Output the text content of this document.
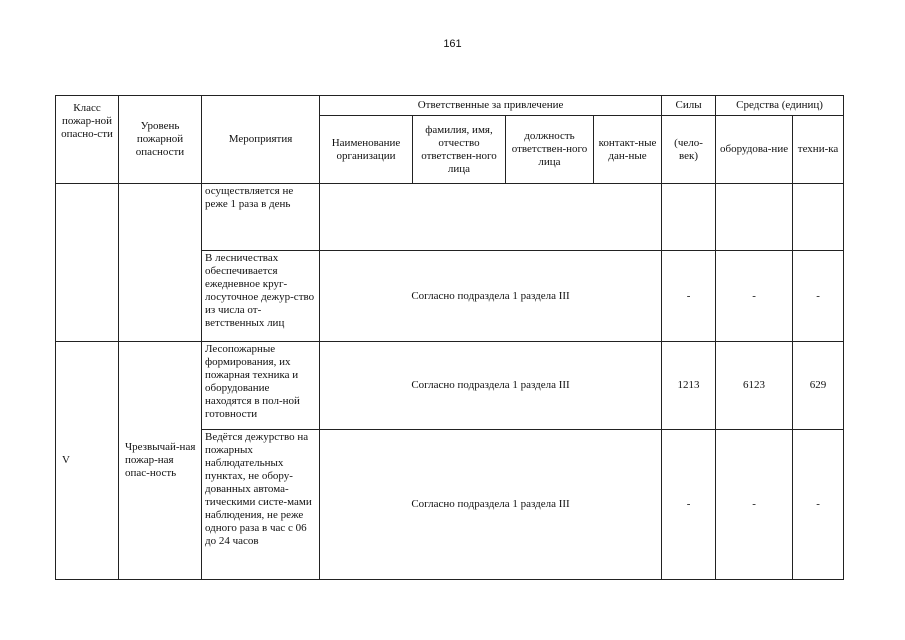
161
Класс пожар-ной опасно-сти	Уровень пожарной опасности	Мероприятия	Ответственные за привлечение				Силы	Средства (единиц)	
			Наименование организации	фамилия, имя, отчество ответствен-ного лица	должность ответствен-ного лица	контакт-ные дан-ные	(чело-век)	оборудова-ние	техни-ка
		осуществляется не реже 1 раза в день							
		В лесничествах обеспечивается ежедневное круг-лосуточное дежур-ство из числа от-ветственных лиц	Согласно подраздела 1 раздела III				-	-	-
V	Чрезвычай-ная пожар-ная опас-ность	Лесопожарные формирования, их пожарная техника и оборудование находятся в пол-ной готовности	Согласно подраздела 1 раздела III				1213	6123	629
		Ведётся дежурство на пожарных наблюдательных пунктах, не обору-дованных автома-тическими систе-мами наблюдения, не реже одного раза в час с 06 до 24 часов	Согласно подраздела 1 раздела III				-	-	-
